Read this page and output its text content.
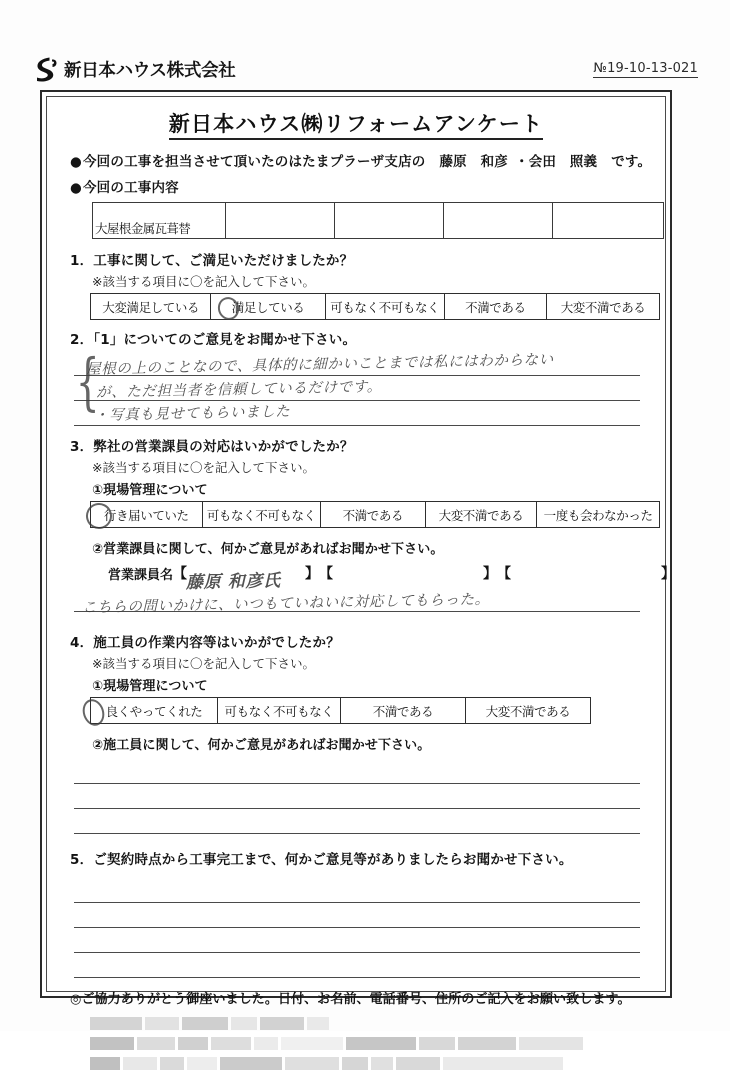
新日本ハウス株式会社	№19-10-13-021
新日本ハウス㈱リフォームアンケート
●今回の工事を担当させて頂いたのはたまプラーザ支店の 藤原　和彦 ・会田　照義 です。
●今回の工事内容
大屋根金属瓦葺替				
1．工事に関して、ご満足いただけましたか？
※該当する項目に〇を記入して下さい。
大変満足している	満足している	可もなく不可もなく	不満である	大変不満である
2．「1」についてのご意見をお聞かせ下さい。
{
屋根の上のことなので、具体的に細かいことまでは私にはわからない
が、ただ担当者を信頼しているだけです。
・写真も見せてもらいました
3．弊社の営業課員の対応はいかがでしたか？
※該当する項目に〇を記入して下さい。
①現場管理について
行き届いていた	可もなく不可もなく	不満である	大変不満である	一度も会わなかった
②営業課員に関して、何かご意見があればお聞かせ下さい。
営業課員名 【	】 【	】 【	】
藤原 和彦氏
こちらの問いかけに、いつもていねいに対応してもらった。
4．施工員の作業内容等はいかがでしたか？
※該当する項目に〇を記入して下さい。
①現場管理について
良くやってくれた	可もなく不可もなく	不満である	大変不満である
②施工員に関して、何かご意見があればお聞かせ下さい。
5．ご契約時点から工事完工まで、何かご意見等がありましたらお聞かせ下さい。
◎ご協力ありがとう御座いました。日付、お名前、電話番号、住所のご記入をお願い致します。
